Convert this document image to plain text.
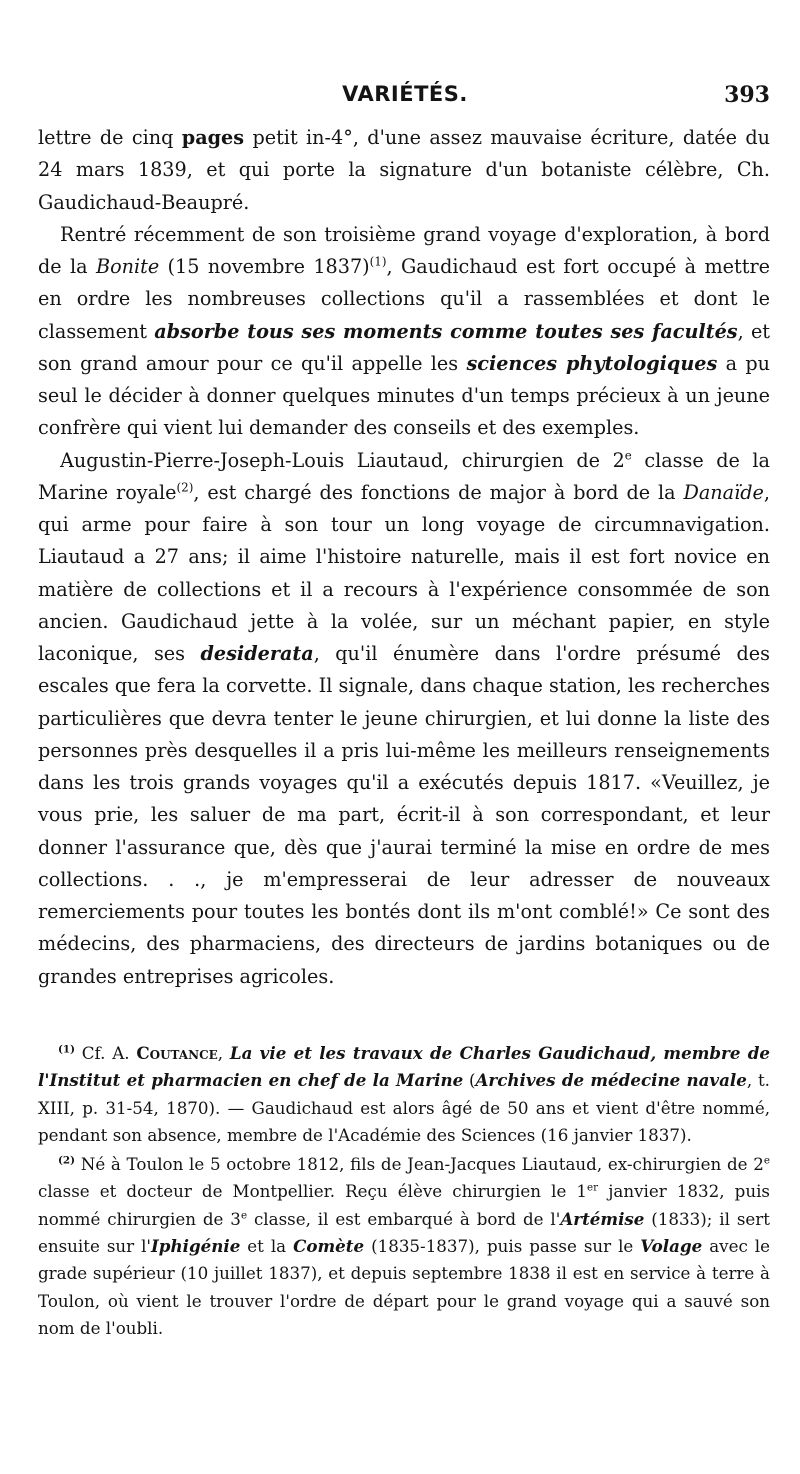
VARIÉTÉS.	393

lettre de cinq pages petit in-4°, d'une assez mauvaise écriture, datée du 24 mars 1839, et qui porte la signature d'un botaniste célèbre, Ch. Gaudichaud-Beaupré.

Rentré récemment de son troisième grand voyage d'exploration, à bord de la Bonite (15 novembre 1837)$^{(1)}$, Gaudichaud est fort occupé à mettre en ordre les nombreuses collections qu'il a rassemblées et dont le classement absorbe tous ses moments comme toutes ses facultés, et son grand amour pour ce qu'il appelle les sciences phytologiques a pu seul le décider à donner quelques minutes d'un temps précieux à un jeune confrère qui vient lui demander des conseils et des exemples.

Augustin-Pierre-Joseph-Louis Liautaud, chirurgien de 2e classe de la Marine royale$^{(2)}$, est chargé des fonctions de major à bord de la Danaïde, qui arme pour faire à son tour un long voyage de circumnavigation. Liautaud a 27 ans; il aime l'histoire naturelle, mais il est fort novice en matière de collections et il a recours à l'expérience consommée de son ancien. Gaudichaud jette à la volée, sur un méchant papier, en style laconique, ses desiderata, qu'il énumère dans l'ordre présumé des escales que fera la corvette. Il signale, dans chaque station, les recherches particulières que devra tenter le jeune chirurgien, et lui donne la liste des personnes près desquelles il a pris lui-même les meilleurs renseignements dans les trois grands voyages qu'il a exécutés depuis 1817. «Veuillez, je vous prie, les saluer de ma part, écrit-il à son correspondant, et leur donner l'assurance que, dès que j'aurai terminé la mise en ordre de mes collections. . ., je m'empresserai de leur adresser de nouveaux remerciements pour toutes les bontés dont ils m'ont comblé!» Ce sont des médecins, des pharmaciens, des directeurs de jardins botaniques ou de grandes entreprises agricoles.

$^{(1)}$ Cf. A. Coutance, La vie et les travaux de Charles Gaudichaud, membre de l'Institut et pharmacien en chef de la Marine (Archives de médecine navale, t. XIII, p. 31-54, 1870). — Gaudichaud est alors âgé de 50 ans et vient d'être nommé, pendant son absence, membre de l'Académie des Sciences (16 janvier 1837).

$^{(2)}$ Né à Toulon le 5 octobre 1812, fils de Jean-Jacques Liautaud, ex-chirurgien de 2e classe et docteur de Montpellier. Reçu élève chirurgien le 1er janvier 1832, puis nommé chirurgien de 3e classe, il est embarqué à bord de l'Artémise (1833); il sert ensuite sur l'Iphigénie et la Comète (1835-1837), puis passe sur le Volage avec le grade supérieur (10 juillet 1837), et depuis septembre 1838 il est en service à terre à Toulon, où vient le trouver l'ordre de départ pour le grand voyage qui a sauvé son nom de l'oubli.
